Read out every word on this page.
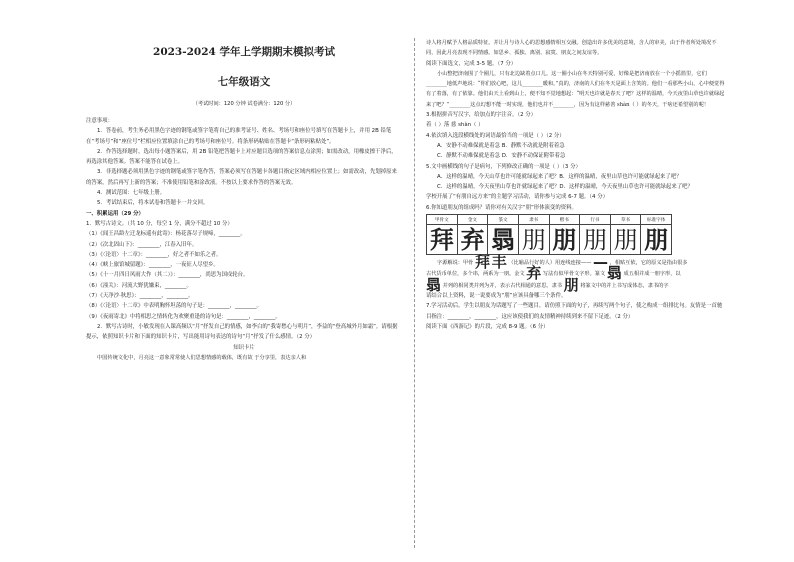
2023-2024 学年上学期期末模拟考试
七年级语文
（考试时间：120 分钟 试卷满分：120 分）

注意事项：

1．答卷前，考生务必用黑色字迹的钢笔或签字笔将自己的准考证号、姓名、考场号和座位号填写在答题卡上，并用 2B 铅笔在“考场号”和“座位号”栏相应位置填涂自己的考场号和座位号。将条形码粘贴在答题卡“条形码粘贴处”。

2．作答选择题时，选出每小题答案后，用 2B 铅笔把答题卡上对应题目选项的答案信息点涂黑；如需改动，用橡皮擦干净后，再选涂其他答案。答案不能答在试卷上。

3．非选择题必须用黑色字迹的钢笔或签字笔作答，答案必须写在答题卡各题目指定区域内相应位置上；如需改动，先划掉原来的答案，然后再写上新的答案；不准使用铅笔和涂改液。不按以上要求作答的答案无效。

4．测试范围：七年级上册。

5．考试结束后，将本试卷和答题卡一并交回。

一、积累运用（29 分）

1．默写古诗文。（共 10 分，每空 1 分，满分不超过 10 分）

（1）《闻王昌龄左迁龙标遥有此寄》：杨花落尽子规啼，________。

（2）《次北固山下》：________，江春入旧年。

（3）《〈论语〉十二章》：________，好之者不如乐之者。

（4）《峡上旅馆城留题》：________，一夜征人尽望乡。

（5）《十一月四日风雨大作（其二）》：________，尚思为国戍轮台。

（6）《潼关》：河流大野犹嫌束，________。

（7）《天净沙·秋思》：________，________。

（8）《〈论语〉十二章》中表明胸怀坦荡的句子是：________，________。

（9）《夜雨寄北》中将相思之情转化为欢聚重逢的诗句是：________，________。

2．默写古诗时，小敏发现在入课高频以“月”抒发自己的情感，如李白的“我寄愁心与明月”，李益的“登高城外月如霜”。请根据提示，依照知识卡片和下面的知识卡片，写出能用诗句表达的诗句“月”抒发了什么感情。（2 分）

知识卡片

中国传统文化中，月亮这一意象常常使人们思想情感的载体，既有故 于分享里，表达亲人和

诗人将月赋予人格品质特征。并让月与诗人心的思想感情相互交融。创造出许多优美的意境，含人的审美，由于作者所处境况不同，因此月亮表现不同情感。如思乡、孤独、离别、寂寞、朋友之间友谊等。

阅读下面选文，完成 3-5 题。（7 分）

小山整把济南围了个圈儿，只有北边缺着点口儿。这一圈小山在冬天特别可爱，好像是把济南放在一个小摇篮里，它们________地低声地说：“你们放心吧，这儿________暖和。”真的，济南的人们在冬天是面上含笑的。他们一看那些小山，心中便觉得有了着落，有了依靠。他们由天上看到山上，便不知不觉地想起：“明天也许就是春天了吧？这样的温晴，今天夜里山草也许就绿起来了吧？”________这点幻想不能一时实现，他们也并不________，因为有这样慈善 shàn（ ）的冬天，干啥还希望别的呢！

3.根据拼音写汉字，给加点的字注音。（2 分）

着（ ）落 慈 shàn（ ）

4.依次填入选段横线处的词语最恰当的一项是（ ）（2 分）

A．安静不动难保就是着急 B．静默不动就是附着着急

C．静默不动难保就是着急 D．安静不动保证附带着急

5.文中画横线的句子是病句，下列修改正确的一项是（ ）（3 分）

A．这样的温晴，今天山草也许可能就绿起来了吧？B．这样的温晴，夜里山草也许可能就绿起来了吧？

C．这样的温晴，今天夜里山草也许就绿起来了吧？D．这样的温晴，今天夜里山草也许可能就绿起来了吧？

学校开展了“有朋自远方来”的主题学习活动，请你参与完成 6-7 题。（4 分）

6.你知道朋友的组成吗？请你对有关汉字“朋”形体演变的资料。

甲骨文	金文	篆文	隶书	楷书	行书	草书	标准字体
拜	弃	𦐇	朋	朋	朋	朋	朋

字源解说：甲骨 拜 丰 （比喻品行好的人）用连线连接—— — ，相贴互依，它的原义是指由很多

古代货币单位，多个串，两系为一朋。金文 弃 写法有似甲骨文字形。篆文 𦐇 成五相并成一朋字形，以

𦐇 并列的相同类并列为并，表示古代相通的意思。隶书 朋 将篆文中的并上书写成体态，隶书的字

请结合以上资料，说一说要成为“朋”应该具备哪三个条件。

7.学习活动后，学生以朋友为话题写了一些题目，请仿照下面的句子，再续写两个句子，使之构成一组排比句。友情是一首驰目指注：________，________，这应该使我们的友情精神持续到来不留下足迹。（2 分）

阅读下面《西游记》的片段，完成 8-9 题。（6 分）
